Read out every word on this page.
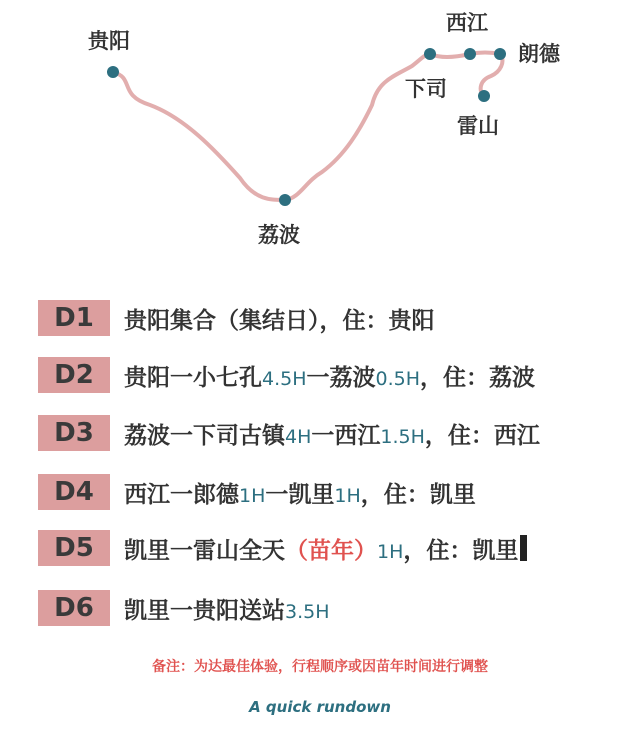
贵阳
荔波
下司
西江
朗德
雷山
D1	贵阳集合（集结日），住：贵阳
D2	贵阳一小七孔 4.5H 一荔波 0.5H ，住：荔波
D3	荔波一下司古镇 4H 一西江 1.5H ，住：西江
D4	西江一郎德 1H 一凯里 1H ，住：凯里
D5	凯里一雷山全天 （苗年） 1H ，住：凯里
D6	凯里一贵阳送站 3.5H
备注：为达最佳体验，行程顺序或因苗年时间进行调整
A quick rundown
